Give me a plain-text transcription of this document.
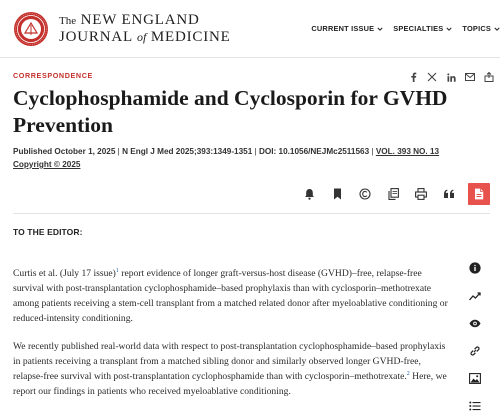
The NEW ENGLAND
JOURNAL of MEDICINE
CURRENT ISSUE	SPECIALTIES	TOPICS
CORRESPONDENCE
Cyclophosphamide and Cyclosporin for GVHD Prevention
Published October 1, 2025 | N Engl J Med 2025;393:1349-1351 | DOI: 10.1056/NEJMc2511563 | VOL. 393 NO. 13
Copyright © 2025
TO THE EDITOR:

Curtis et al. (July 17 issue)$^1$ report evidence of longer graft-versus-host disease (GVHD)–free, relapse-free survival with post-transplantation cyclophosphamide–based prophylaxis than with cyclosporin–methotrexate among patients receiving a stem-cell transplant from a matched related donor after myeloablative conditioning or reduced-intensity conditioning.

We recently published real-world data with respect to post-transplantation cyclophosphamide–based prophylaxis in patients receiving a transplant from a matched sibling donor and similarly observed longer GVHD-free, relapse-free survival with post-transplantation cyclophosphamide than with cyclosporin–methotrexate.$^2$ Here, we report our findings in patients who received myeloablative conditioning.
